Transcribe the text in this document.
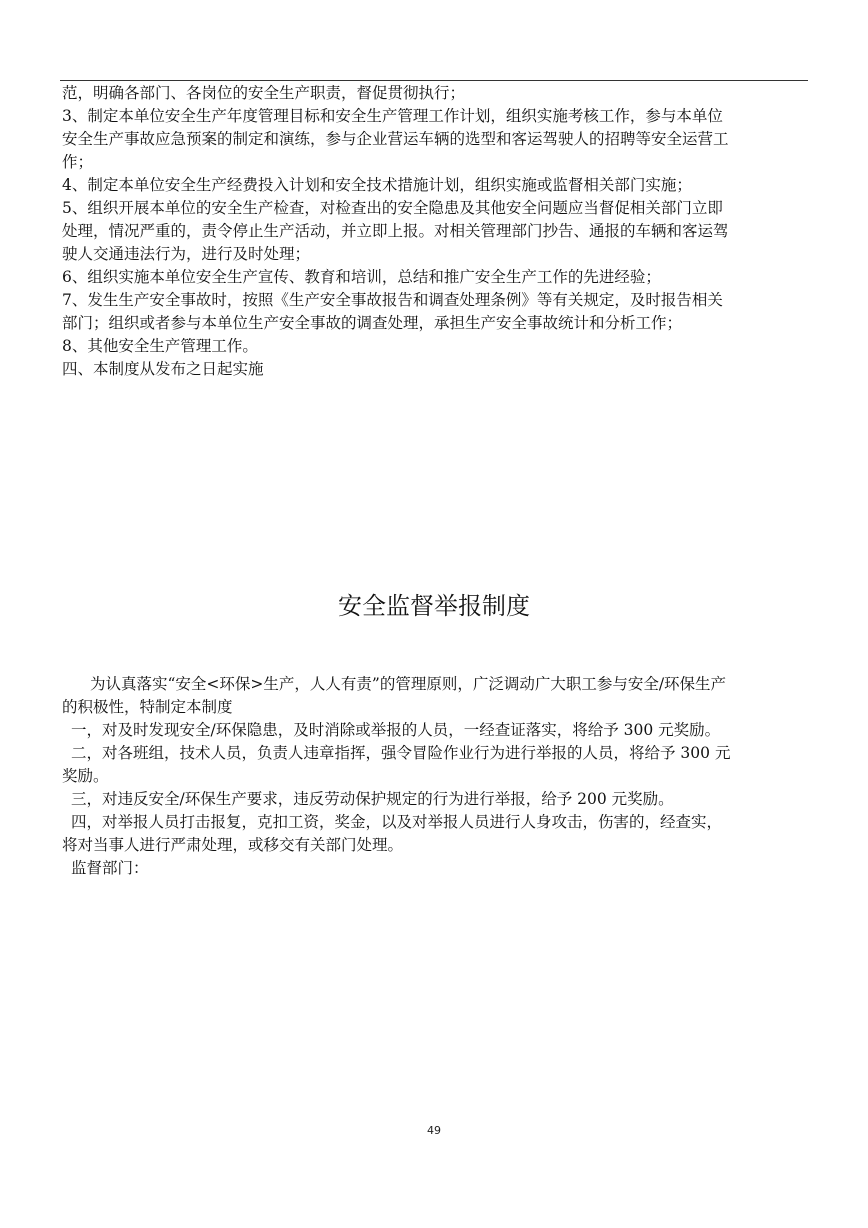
范，明确各部门、各岗位的安全生产职责，督促贯彻执行；
3、制定本单位安全生产年度管理目标和安全生产管理工作计划，组织实施考核工作，参与本单位
安全生产事故应急预案的制定和演练，参与企业营运车辆的选型和客运驾驶人的招聘等安全运营工
作；
4、制定本单位安全生产经费投入计划和安全技术措施计划，组织实施或监督相关部门实施；
5、组织开展本单位的安全生产检查，对检查出的安全隐患及其他安全问题应当督促相关部门立即
处理，情况严重的，责令停止生产活动，并立即上报。对相关管理部门抄告、通报的车辆和客运驾
驶人交通违法行为，进行及时处理；
6、组织实施本单位安全生产宣传、教育和培训，总结和推广安全生产工作的先进经验；
7、发生生产安全事故时，按照《生产安全事故报告和调查处理条例》等有关规定，及时报告相关
部门；组织或者参与本单位生产安全事故的调查处理，承担生产安全事故统计和分析工作；
8、其他安全生产管理工作。
四、本制度从发布之日起实施
安全监督举报制度
为认真落实“安全<环保>生产，人人有责”的管理原则，广泛调动广大职工参与安全/环保生产
的积极性，特制定本制度
一，对及时发现安全/环保隐患，及时消除或举报的人员，一经查证落实，将给予 300 元奖励。
二，对各班组，技术人员，负责人违章指挥，强令冒险作业行为进行举报的人员，将给予 300 元
奖励。
三，对违反安全/环保生产要求，违反劳动保护规定的行为进行举报，给予 200 元奖励。
四，对举报人员打击报复，克扣工资，奖金，以及对举报人员进行人身攻击，伤害的，经查实，
将对当事人进行严肃处理，或移交有关部门处理。
监督部门：
49
